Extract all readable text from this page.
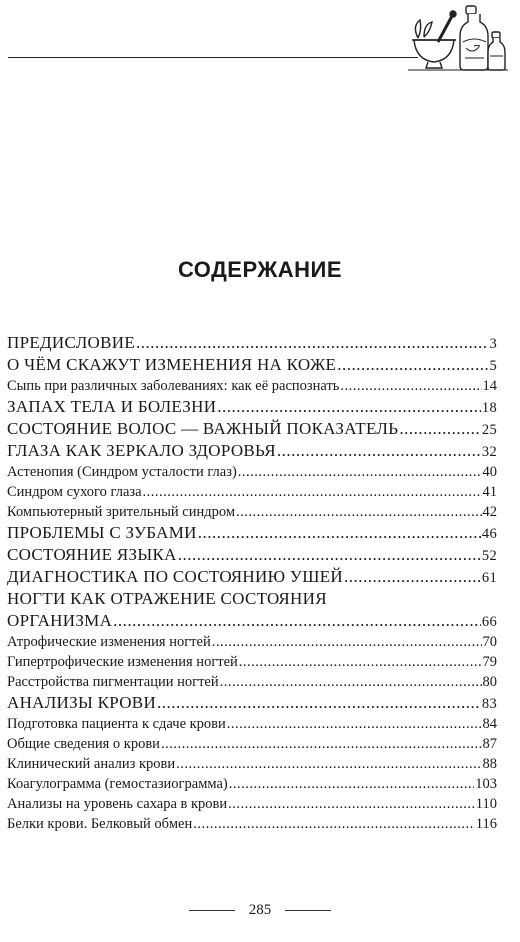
СОДЕРЖАНИЕ
ПРЕДИСЛОВИЕ .....	3
О ЧЁМ СКАЖУТ ИЗМЕНЕНИЯ НА КОЖЕ .....	5
Сыпь при различных заболеваниях: как её распознать .....	14
ЗАПАХ ТЕЛА И БОЛЕЗНИ .....	18
СОСТОЯНИЕ ВОЛОС — ВАЖНЫЙ ПОКАЗАТЕЛЬ .....	25
ГЛАЗА КАК ЗЕРКАЛО ЗДОРОВЬЯ .....	32
Астенопия (Синдром усталости глаз) .....	40
Синдром сухого глаза .....	41
Компьютерный зрительный синдром .....	42
ПРОБЛЕМЫ С ЗУБАМИ .....	46
СОСТОЯНИЕ ЯЗЫКА .....	52
ДИАГНОСТИКА ПО СОСТОЯНИЮ УШЕЙ .....	61
НОГТИ КАК ОТРАЖЕНИЕ СОСТОЯНИЯ
ОРГАНИЗМА .....	66
Атрофические изменения ногтей .....	70
Гипертрофические изменения ногтей .....	79
Расстройства пигментации ногтей .....	80
АНАЛИЗЫ КРОВИ .....	83
Подготовка пациента к сдаче крови .....	84
Общие сведения о крови .....	87
Клинический анализ крови .....	88
Коагулограмма (гемостазиограмма) .....	103
Анализы на уровень сахара в крови .....	110
Белки крови. Белковый обмен .....	116
285
